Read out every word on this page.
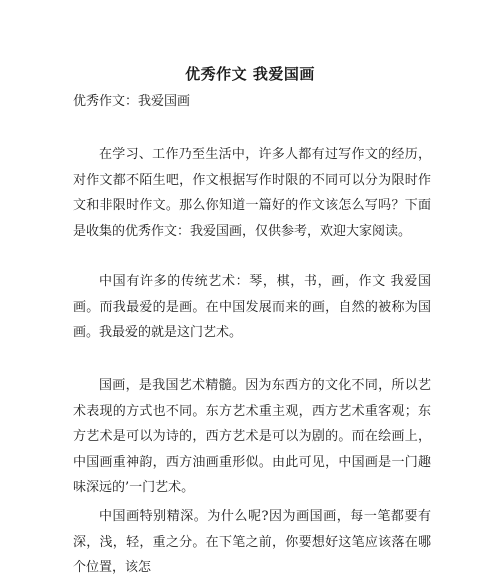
优秀作文 我爱国画
优秀作文：我爱国画

在学习、工作乃至生活中，许多人都有过写作文的经历，对作文都不陌生吧，作文根据写作时限的不同可以分为限时作文和非限时作文。那么你知道一篇好的作文该怎么写吗？下面是收集的优秀作文：我爱国画，仅供参考，欢迎大家阅读。

中国有许多的传统艺术：琴，棋，书，画，作文 我爱国画。而我最爱的是画。在中国发展而来的画，自然的被称为国画。我最爱的就是这门艺术。

国画，是我国艺术精髓。因为东西方的文化不同，所以艺术表现的方式也不同。东方艺术重主观，西方艺术重客观；东方艺术是可以为诗的，西方艺术是可以为剧的。而在绘画上，中国画重神韵，西方油画重形似。由此可见，中国画是一门趣味深远的’一门艺术。

中国画特别精深。为什么呢?因为画国画，每一笔都要有深，浅，轻，重之分。在下笔之前，你要想好这笔应该落在哪个位置，该怎
